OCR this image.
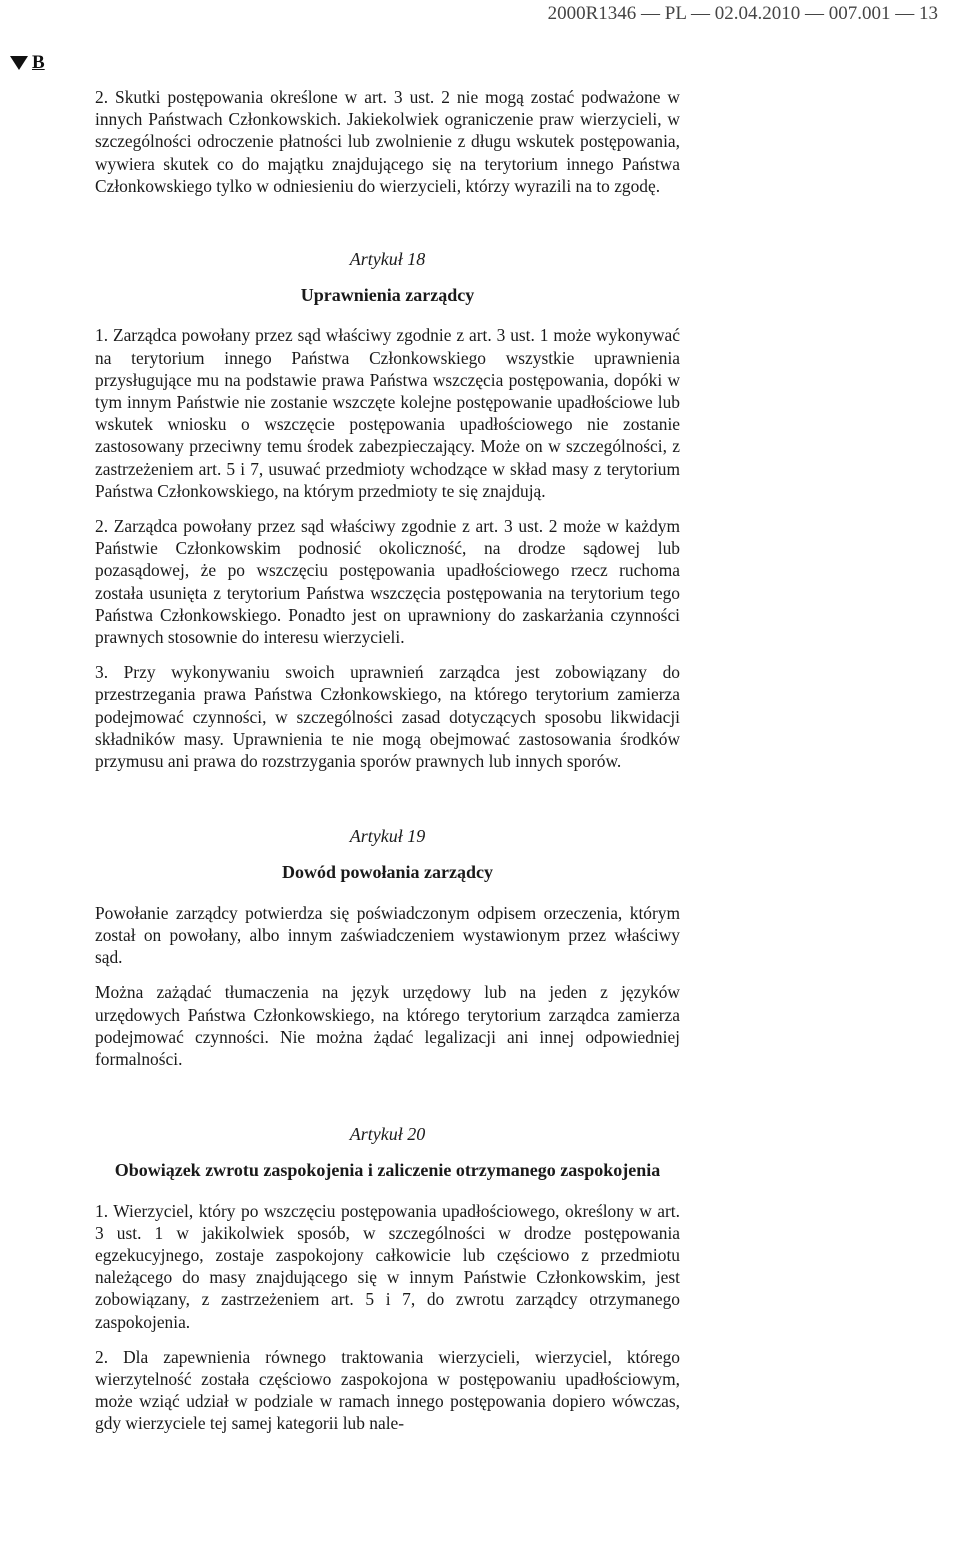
2000R1346 — PL — 02.04.2010 — 007.001 — 13
B

2. Skutki postępowania określone w art. 3 ust. 2 nie mogą zostać podważone w innych Państwach Członkowskich. Jakiekolwiek ograniczenie praw wierzycieli, w szczególności odroczenie płatności lub zwolnienie z długu wskutek postępowania, wywiera skutek co do majątku znajdującego się na terytorium innego Państwa Członkowskiego tylko w odniesieniu do wierzycieli, którzy wyrazili na to zgodę.

Artykuł 18

Uprawnienia zarządcy

1. Zarządca powołany przez sąd właściwy zgodnie z art. 3 ust. 1 może wykonywać na terytorium innego Państwa Członkowskiego wszystkie uprawnienia przysługujące mu na podstawie prawa Państwa wszczęcia postępowania, dopóki w tym innym Państwie nie zostanie wszczęte kolejne postępowanie upadłościowe lub wskutek wniosku o wszczęcie postępowania upadłościowego nie zostanie zastosowany przeciwny temu środek zabezpieczający. Może on w szczególności, z zastrzeżeniem art. 5 i 7, usuwać przedmioty wchodzące w skład masy z terytorium Państwa Członkowskiego, na którym przedmioty te się znajdują.

2. Zarządca powołany przez sąd właściwy zgodnie z art. 3 ust. 2 może w każdym Państwie Członkowskim podnosić okoliczność, na drodze sądowej lub pozasądowej, że po wszczęciu postępowania upadłościowego rzecz ruchoma została usunięta z terytorium Państwa wszczęcia postępowania na terytorium tego Państwa Członkowskiego. Ponadto jest on uprawniony do zaskarżania czynności prawnych stosownie do interesu wierzycieli.

3. Przy wykonywaniu swoich uprawnień zarządca jest zobowiązany do przestrzegania prawa Państwa Członkowskiego, na którego terytorium zamierza podejmować czynności, w szczególności zasad dotyczących sposobu likwidacji składników masy. Uprawnienia te nie mogą obejmować zastosowania środków przymusu ani prawa do rozstrzygania sporów prawnych lub innych sporów.

Artykuł 19

Dowód powołania zarządcy

Powołanie zarządcy potwierdza się poświadczonym odpisem orzeczenia, którym został on powołany, albo innym zaświadczeniem wystawionym przez właściwy sąd.

Można zażądać tłumaczenia na język urzędowy lub na jeden z języków urzędowych Państwa Członkowskiego, na którego terytorium zarządca zamierza podejmować czynności. Nie można żądać legalizacji ani innej odpowiedniej formalności.

Artykuł 20

Obowiązek zwrotu zaspokojenia i zaliczenie otrzymanego zaspokojenia

1. Wierzyciel, który po wszczęciu postępowania upadłościowego, określony w art. 3 ust. 1 w jakikolwiek sposób, w szczególności w drodze postępowania egzekucyjnego, zostaje zaspokojony całkowicie lub częściowo z przedmiotu należącego do masy znajdującego się w innym Państwie Członkowskim, jest zobowiązany, z zastrzeżeniem art. 5 i 7, do zwrotu zarządcy otrzymanego zaspokojenia.

2. Dla zapewnienia równego traktowania wierzycieli, wierzyciel, którego wierzytelność została częściowo zaspokojona w postępowaniu upadłościowym, może wziąć udział w podziale w ramach innego postępowania dopiero wówczas, gdy wierzyciele tej samej kategorii lub nale-
